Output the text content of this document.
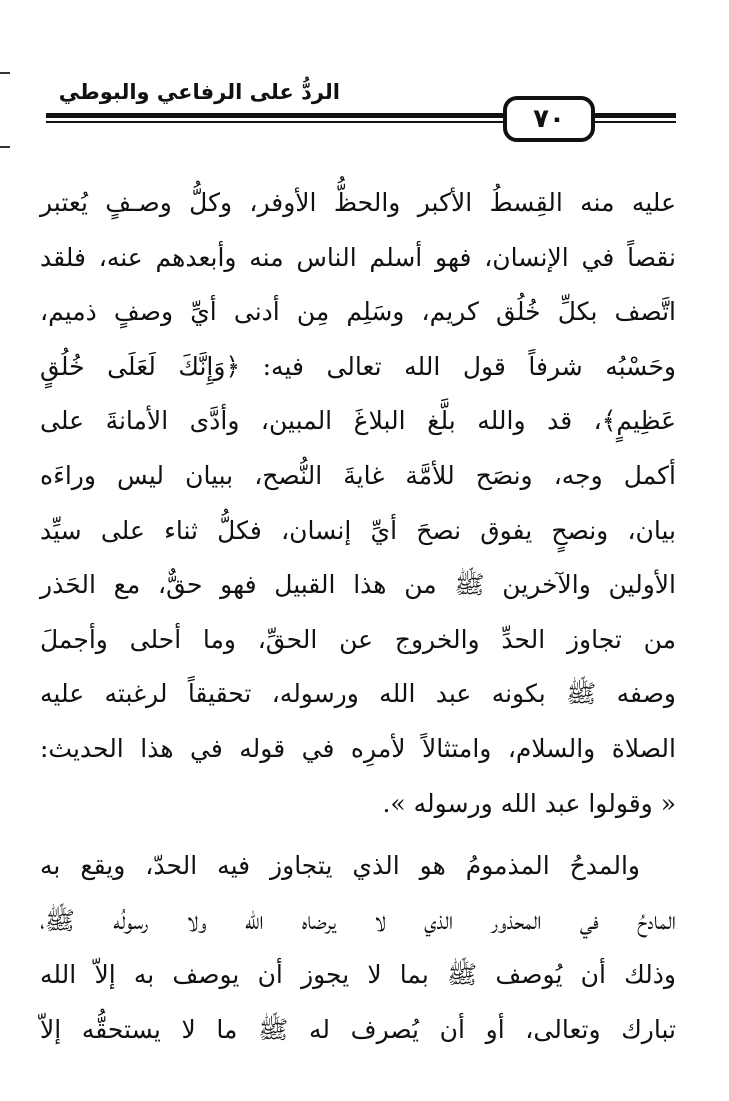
الردُّ على الرفاعي والبوطي
٧٠
عليه منه القِسطُ الأكبر والحظُّ الأوفر، وكلُّ وصـفٍ يُعتبر
نقصاً في الإنسان، فهو أسلم الناس منه وأبعدهم عنه، فلقد
اتَّصف بكلِّ خُلُق كريم، وسَلِم مِن أدنى أيِّ وصفٍ ذميم،
وحَسْبُه شرفاً قول الله تعالى فيه: ﴿وَإِنَّكَ لَعَلَى خُلُقٍ
عَظِيمٍ﴾، قد والله بلَّغ البلاغَ المبين، وأدَّى الأمانةَ على
أكمل وجه، ونصَح للأمَّة غايةَ النُّصح، ببيان ليس وراءَه
بيان، ونصحٍ يفوق نصحَ أيِّ إنسان، فكلُّ ثناء على سيِّد
الأولين والآخرين ﷺ من هذا القبيل فهو حقٌّ، مع الحَذر
من تجاوز الحدِّ والخروج عن الحقِّ، وما أحلى وأجملَ
وصفه ﷺ بكونه عبد الله ورسوله، تحقيقاً لرغبته عليه
الصلاة والسلام، وامتثالاً لأمرِه في قوله في هذا الحديث:
« وقولوا عبد الله ورسوله ».
والمدحُ المذمومُ هو الذي يتجاوز فيه الحدّ، ويقع به
المادحُ في المحذور الذي لا يرضاه الله ولا رسولُه ﷺ،
وذلك أن يُوصف ﷺ بما لا يجوز أن يوصف به إلاّ الله
تبارك وتعالى، أو أن يُصرف له ﷺ ما لا يستحقُّه إلاّ
